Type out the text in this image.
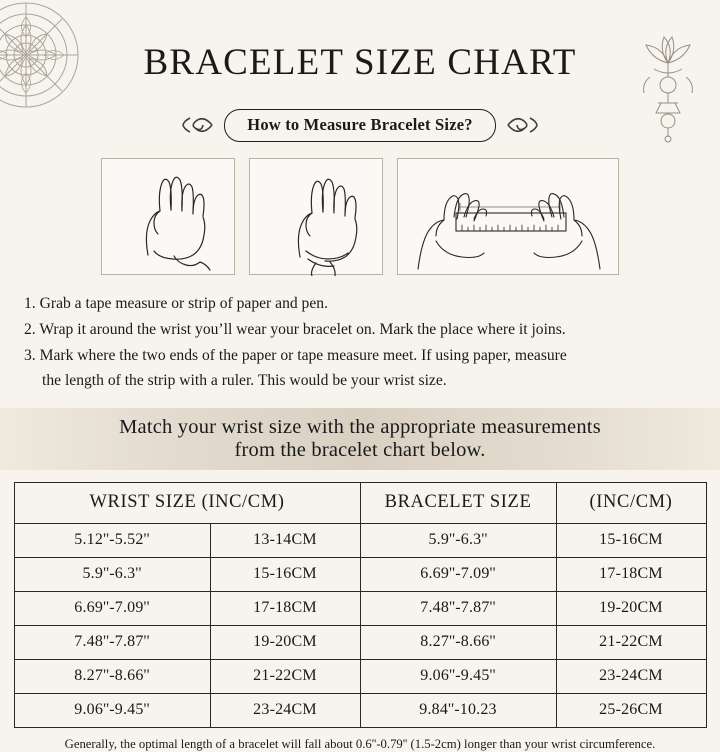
BRACELET SIZE CHART
How to Measure Bracelet Size?
1. Grab a tape measure or strip of paper and pen.
2. Wrap it around the wrist you’ll wear your bracelet on. Mark the place where it joins.
3. Mark where the two ends of the paper or tape measure meet. If using paper, measure
the length of the strip with a ruler. This would be your wrist size.
Match your wrist size with the appropriate measurements
from the bracelet chart below.
WRIST SIZE (INC/CM)		BRACELET SIZE	(INC/CM)
5.12''-5.52''	13-14CM	5.9''-6.3''	15-16CM
5.9''-6.3''	15-16CM	6.69''-7.09''	17-18CM
6.69''-7.09''	17-18CM	7.48''-7.87''	19-20CM
7.48''-7.87''	19-20CM	8.27''-8.66''	21-22CM
8.27''-8.66''	21-22CM	9.06''-9.45''	23-24CM
9.06''-9.45''	23-24CM	9.84''-10.23	25-26CM
Generally, the optimal length of a bracelet will fall about 0.6''-0.79'' (1.5-2cm) longer than your wrist circumference.
